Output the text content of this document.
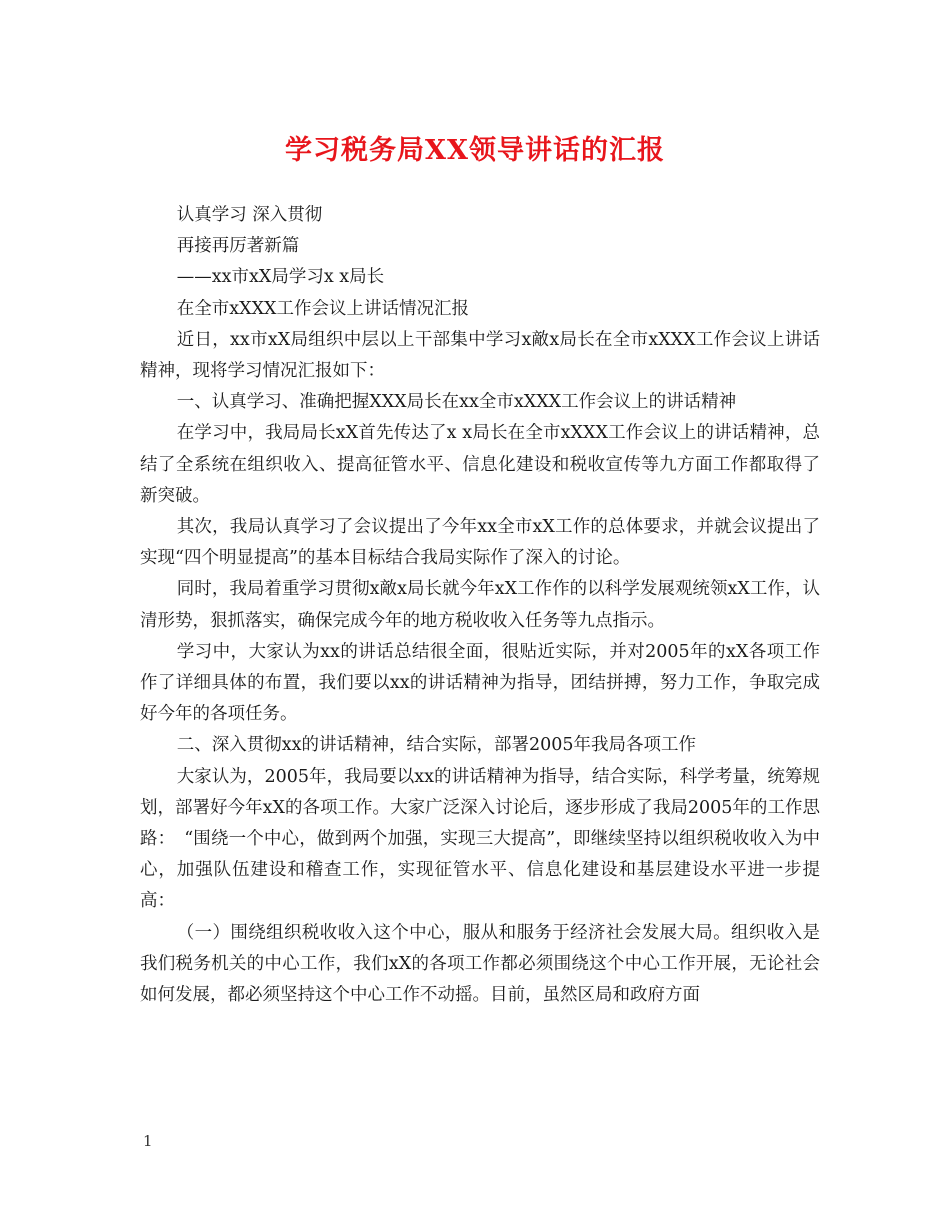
学习税务局XX领导讲话的汇报

认真学习 深入贯彻

再接再厉著新篇

——xx市xX局学习x x局长

在全市xXXX工作会议上讲话情况汇报

近日，xx市xX局组织中层以上干部集中学习x敵x局长在全市xXXX工作会议上讲话精神，现将学习情况汇报如下：

一、认真学习、准确把握XXX局长在xx全市xXXX工作会议上的讲话精神

在学习中，我局局长xX首先传达了x x局长在全市xXXX工作会议上的讲话精神，总结了全系统在组织收入、提高征管水平、信息化建设和税收宣传等九方面工作都取得了新突破。

其次，我局认真学习了会议提出了今年xx全市xX工作的总体要求，并就会议提出了实现“四个明显提高”的基本目标结合我局实际作了深入的讨论。

同时，我局着重学习贯彻x敵x局长就今年xX工作作的以科学发展观统领xX工作，认清形势，狠抓落实，确保完成今年的地方税收收入任务等九点指示。

学习中，大家认为xx的讲话总结很全面，很贴近实际，并对2005年的xX各项工作作了详细具体的布置，我们要以xx的讲话精神为指导，团结拼搏，努力工作，争取完成好今年的各项任务。

二、深入贯彻xx的讲话精神，结合实际，部署2005年我局各项工作

大家认为，2005年，我局要以xx的讲话精神为指导，结合实际，科学考量，统筹规划，部署好今年xX的各项工作。大家广泛深入讨论后，逐步形成了我局2005年的工作思路：　“围绕一个中心，做到两个加强，实现三大提高”，即继续坚持以组织税收收入为中心，加强队伍建设和稽查工作，实现征管水平、信息化建设和基层建设水平进一步提高：

（一）围绕组织税收收入这个中心，服从和服务于经济社会发展大局。组织收入是我们税务机关的中心工作，我们xX的各项工作都必须围绕这个中心工作开展，无论社会如何发展，都必须坚持这个中心工作不动摇。目前，虽然区局和政府方面

1
